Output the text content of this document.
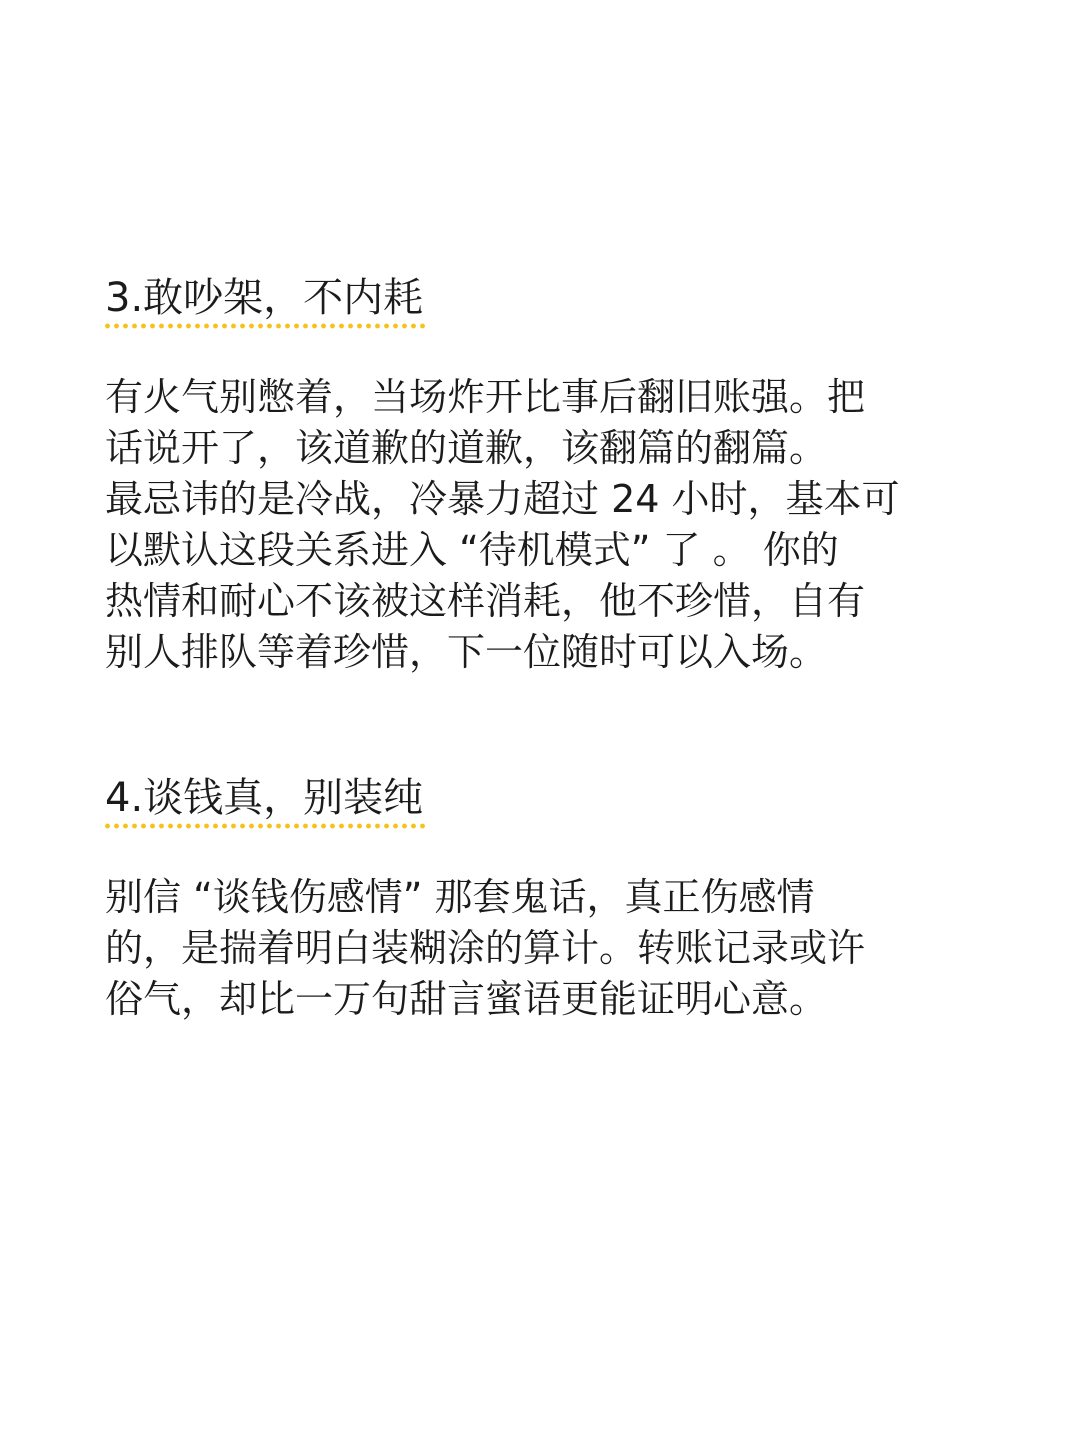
3.敢吵架，不内耗
有火气别憋着，当场炸开比事后翻旧账强。把
话说开了，该道歉的道歉，该翻篇的翻篇。
最忌讳的是冷战，冷暴力超过 24 小时，基本可
以默认这段关系进入 “待机模式” 了 。 你的
热情和耐心不该被这样消耗，他不珍惜，自有
别人排队等着珍惜，下一位随时可以入场。
4.谈钱真，别装纯
别信 “谈钱伤感情” 那套鬼话，真正伤感情
的，是揣着明白装糊涂的算计。转账记录或许
俗气，却比一万句甜言蜜语更能证明心意。
